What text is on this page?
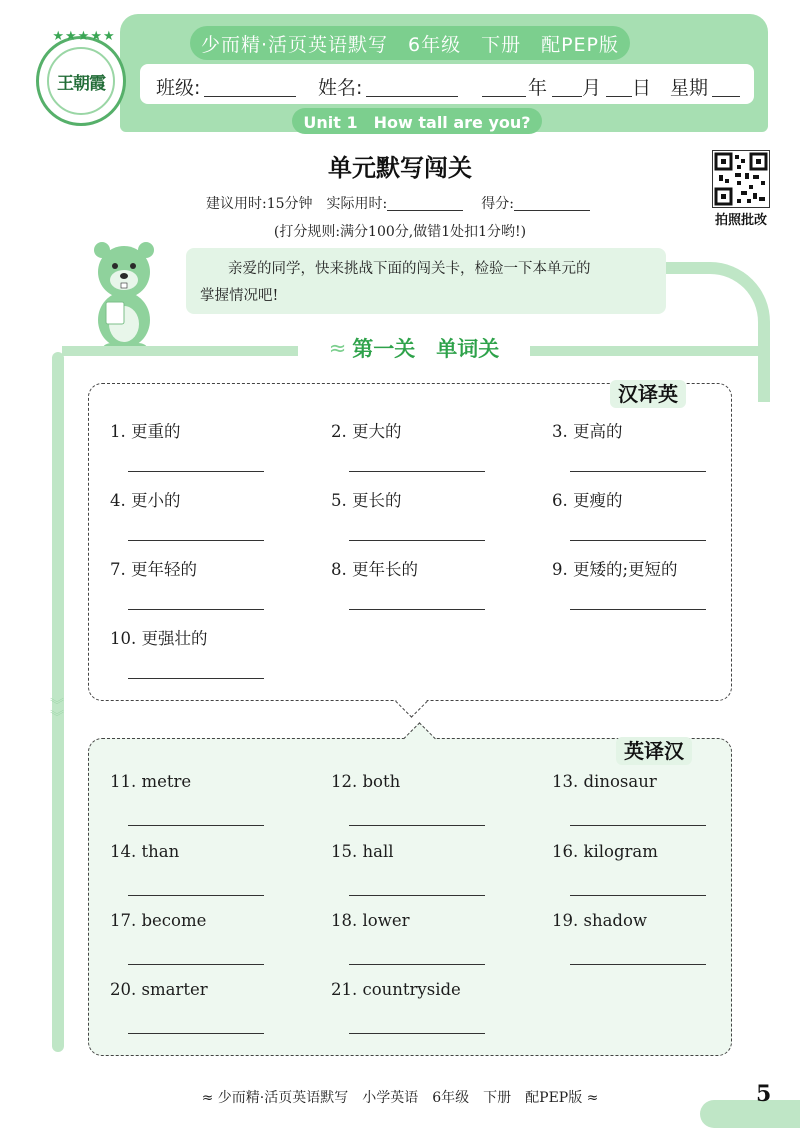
少而精·活页英语默写　6年级　下册　配PEP版
班级:	姓名:	年 月 日 星期
Unit 1　How tall are you?
★★★★★
王朝霞
单元默写闯关
建议用时:15分钟　实际用时:	得分:
(打分规则:满分100分,做错1处扣1分哟!)
拍照批改
亲爱的同学，快来挑战下面的闯关卡，检验一下本单元的
掌握情况吧!
︾
︾
≈ 第一关　单词关
汉译英
1. 更重的	2. 更大的	3. 更高的
4. 更小的	5. 更长的	6. 更瘦的
7. 更年轻的	8. 更年长的	9. 更矮的;更短的
10. 更强壮的
英译汉
11. metre	12. both	13. dinosaur
14. than	15. hall	16. kilogram
17. become	18. lower	19. shadow
20. smarter	21. countryside
≈ 少而精·活页英语默写　小学英语　6年级　下册　配PEP版 ≈	5
